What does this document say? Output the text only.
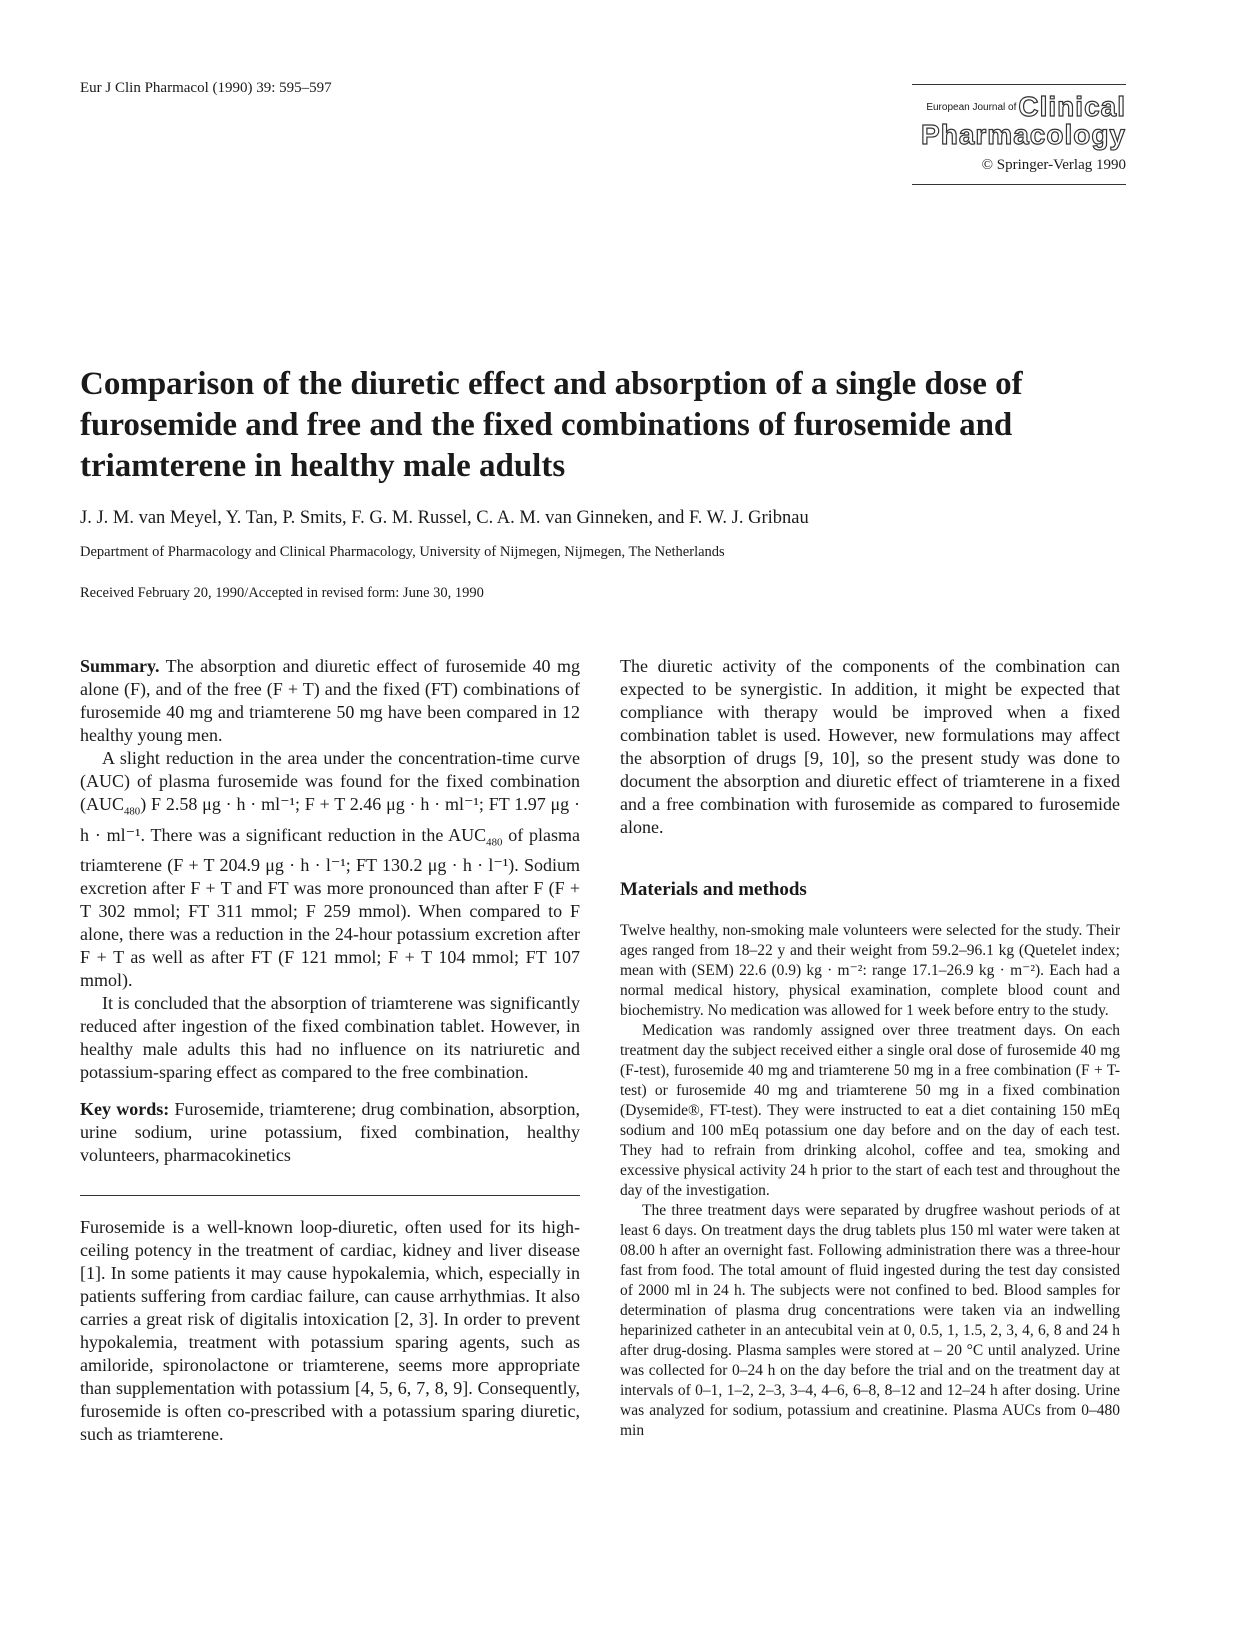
Eur J Clin Pharmacol (1990) 39: 595–597
$^{European Journal of}$Clinical
Pharmacology
© Springer-Verlag 1990
Comparison of the diuretic effect and absorption of a single dose of furosemide and free and the fixed combinations of furosemide and triamterene in healthy male adults
J. J. M. van Meyel, Y. Tan, P. Smits, F. G. M. Russel, C. A. M. van Ginneken, and F. W. J. Gribnau
Department of Pharmacology and Clinical Pharmacology, University of Nijmegen, Nijmegen, The Netherlands
Received February 20, 1990/Accepted in revised form: June 30, 1990

Summary. The absorption and diuretic effect of furosemide 40 mg alone (F), and of the free (F + T) and the fixed (FT) combinations of furosemide 40 mg and triamterene 50 mg have been compared in 12 healthy young men.

A slight reduction in the area under the concentration-time curve (AUC) of plasma furosemide was found for the fixed combination $(AUC_{480})$ F 2.58 μg · h · ml⁻¹; F + T 2.46 μg · h · ml⁻¹; FT 1.97 μg · h · ml⁻¹. There was a significant reduction in the $AUC_{480}$ of plasma triamterene (F + T 204.9 μg · h · l⁻¹; FT 130.2 μg · h · l⁻¹). Sodium excretion after F + T and FT was more pronounced than after F (F + T 302 mmol; FT 311 mmol; F 259 mmol). When compared to F alone, there was a reduction in the 24-hour potassium excretion after F + T as well as after FT (F 121 mmol; F + T 104 mmol; FT 107 mmol).

It is concluded that the absorption of triamterene was significantly reduced after ingestion of the fixed combination tablet. However, in healthy male adults this had no influence on its natriuretic and potassium-sparing effect as compared to the free combination.

Key words: Furosemide, triamterene; drug combination, absorption, urine sodium, urine potassium, fixed combination, healthy volunteers, pharmacokinetics

Furosemide is a well-known loop-diuretic, often used for its high-ceiling potency in the treatment of cardiac, kidney and liver disease [1]. In some patients it may cause hypokalemia, which, especially in patients suffering from cardiac failure, can cause arrhythmias. It also carries a great risk of digitalis intoxication [2, 3]. In order to prevent hypokalemia, treatment with potassium sparing agents, such as amiloride, spironolactone or triamterene, seems more appropriate than supplementation with potassium [4, 5, 6, 7, 8, 9]. Consequently, furosemide is often co-prescribed with a potassium sparing diuretic, such as triamterene.

The diuretic activity of the components of the combination can expected to be synergistic. In addition, it might be expected that compliance with therapy would be improved when a fixed combination tablet is used. However, new formulations may affect the absorption of drugs [9, 10], so the present study was done to document the absorption and diuretic effect of triamterene in a fixed and a free combination with furosemide as compared to furosemide alone.

Materials and methods

Twelve healthy, non-smoking male volunteers were selected for the study. Their ages ranged from 18–22 y and their weight from 59.2–96.1 kg (Quetelet index; mean with (SEM) 22.6 (0.9) kg · m⁻²: range 17.1–26.9 kg · m⁻²). Each had a normal medical history, physical examination, complete blood count and biochemistry. No medication was allowed for 1 week before entry to the study.

Medication was randomly assigned over three treatment days. On each treatment day the subject received either a single oral dose of furosemide 40 mg (F-test), furosemide 40 mg and triamterene 50 mg in a free combination (F + T-test) or furosemide 40 mg and triamterene 50 mg in a fixed combination (Dysemide®, FT-test). They were instructed to eat a diet containing 150 mEq sodium and 100 mEq potassium one day before and on the day of each test. They had to refrain from drinking alcohol, coffee and tea, smoking and excessive physical activity 24 h prior to the start of each test and throughout the day of the investigation.

The three treatment days were separated by drugfree washout periods of at least 6 days. On treatment days the drug tablets plus 150 ml water were taken at 08.00 h after an overnight fast. Following administration there was a three-hour fast from food. The total amount of fluid ingested during the test day consisted of 2000 ml in 24 h. The subjects were not confined to bed. Blood samples for determination of plasma drug concentrations were taken via an indwelling heparinized catheter in an antecubital vein at 0, 0.5, 1, 1.5, 2, 3, 4, 6, 8 and 24 h after drug-dosing. Plasma samples were stored at – 20 °C until analyzed. Urine was collected for 0–24 h on the day before the trial and on the treatment day at intervals of 0–1, 1–2, 2–3, 3–4, 4–6, 6–8, 8–12 and 12–24 h after dosing. Urine was analyzed for sodium, potassium and creatinine. Plasma AUCs from 0–480 min
